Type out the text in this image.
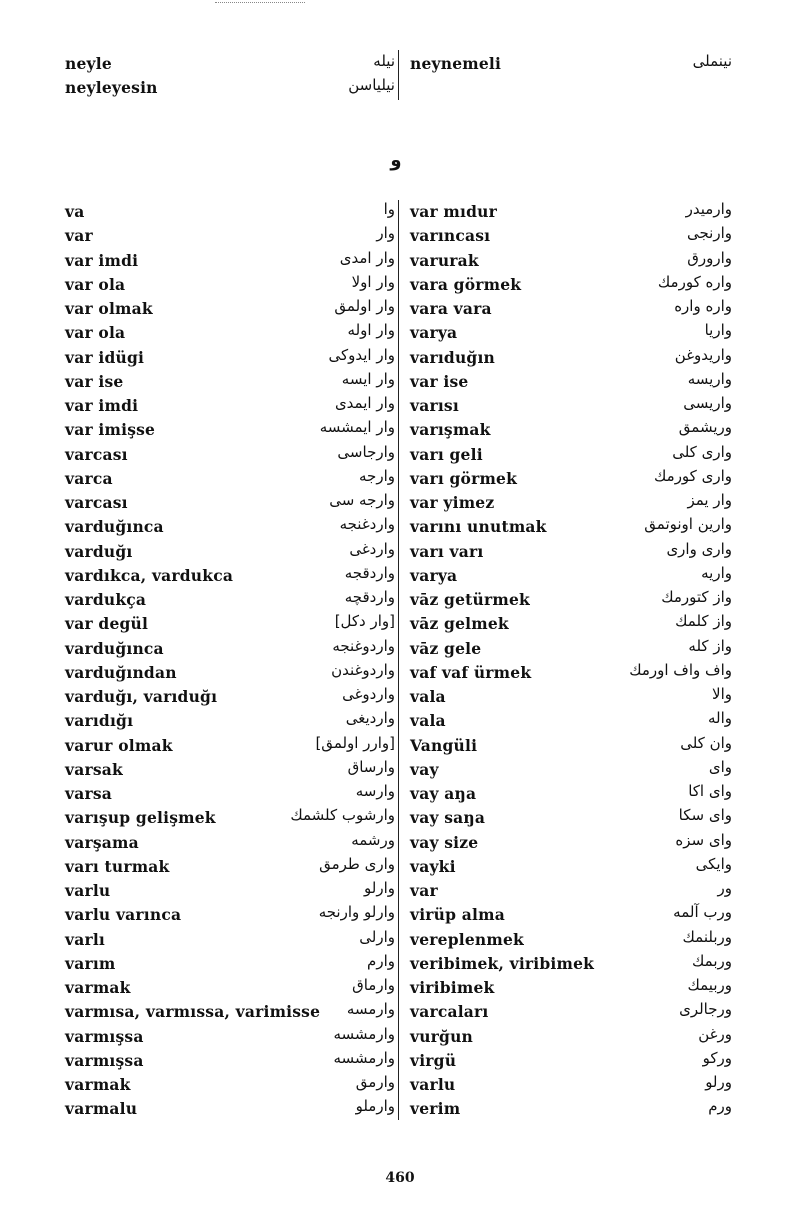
neyle	نیله
neyleyesin	نیلیاسن
neynemeli	نینملی
و
va	وا
var	وار
var imdi	وار امدی
var ola	وار اولا
var olmak	وار اولمق
var ola	وار اوله
var idügi	وار ایدوکی
var ise	وار ایسه
var imdi	وار ایمدی
var imişse	وار ایمشسه
varcası	وارجاسی
varca	وارجه
varcası	وارجه سی
varduğınca	واردغنجه
varduğı	واردغی
vardıkca, vardukca	واردقجه
vardukça	واردقچه
var degül	[وار دکل]
varduğınca	واردوغنجه
varduğından	واردوغندن
varduğı, varıduğı	واردوغی
varıdığı	واردیغی
varur olmak	[وارر اولمق]
varsak	وارساق
varsa	وارسه
varışup gelişmek	وارشوب کلشمك
varşama	ورشمه
varı turmak	واری طرمق
varlu	وارلو
varlu varınca	وارلو وارنجه
varlı	وارلی
varım	وارم
varmak	وارماق
varmısa, varmıssa, varimisse وارمسه
varmışsa	وارمشسه
varmışsa	وارمشسه
varmak	وارمق
varmalu	وارملو
var mıdur	وارمیدر
varıncası	وارنجی
varurak	وارورق
vara görmek	واره کورمك
vara vara	واره واره
varya	واریا
varıduğın	واریدوغن
var ise	واریسه
varısı	واریسی
varışmak	وریشمق
varı geli	واری کلی
varı görmek	واری کورمك
var yimez	وار یمز
varını unutmak	وارین اونوتمق
varı varı	واری واری
varya	واریه
vāz getürmek	واز کتورمك
vāz gelmek	واز کلمك
vāz gele	واز کله
vaf vaf ürmek	واف واف اورمك
vala	والا
vala	واله
Vangüli	وان کلی
vay	وای
vay aŋa	وای اکا
vay saŋa	وای سکا
vay size	وای سزه
vayki	وایکی
var	ور
virüp alma	ورب آلمه
vereplenmek	وربلنمك
veribimek, viribimek	وربمك
viribimek	وربیمك
varcaları	ورجالری
vurğun	ورغن
virgü	ورکو
varlu	ورلو
verim	ورم
460
